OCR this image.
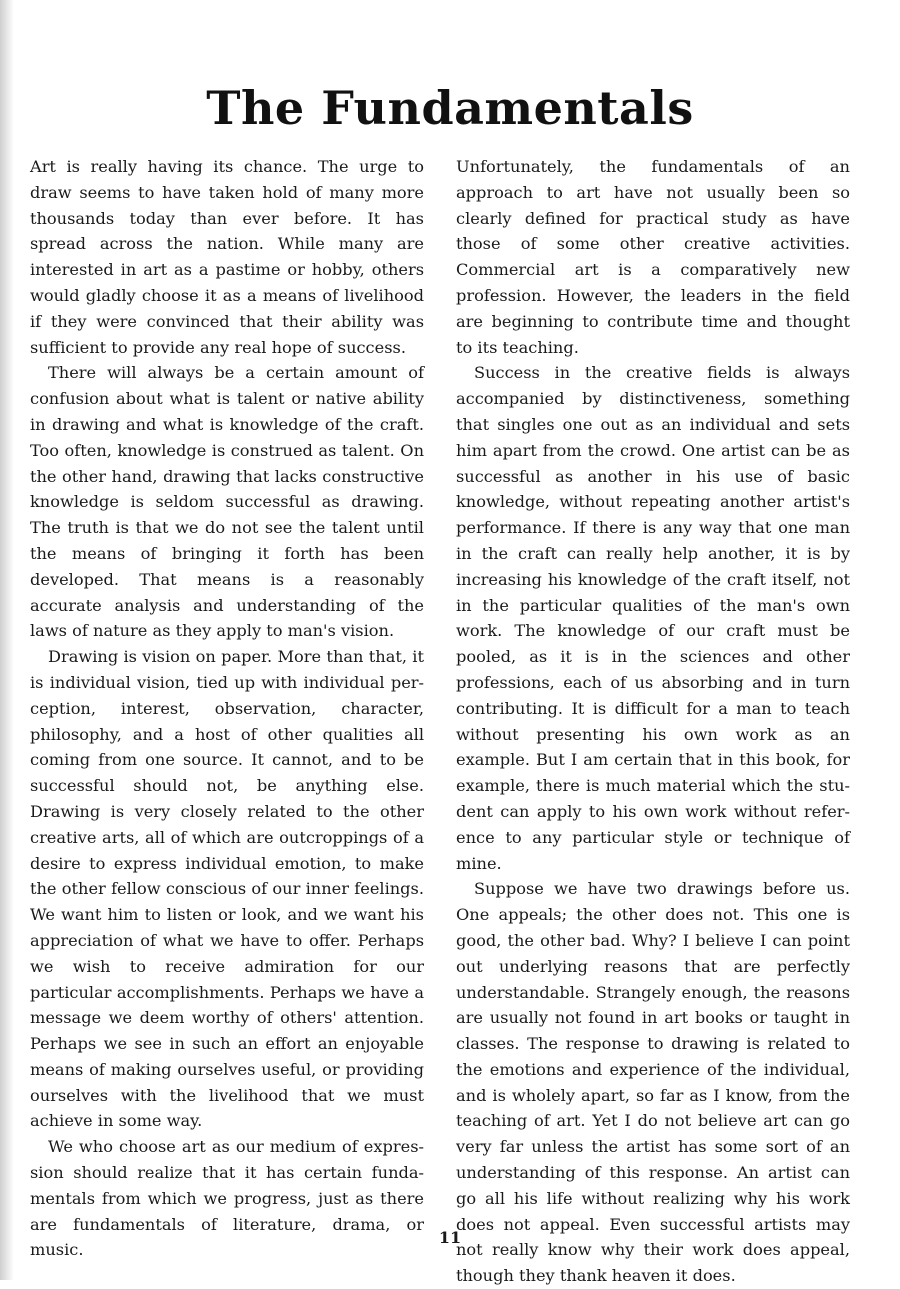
The Fundamentals

Art is really having its chance. The urge to draw seems to have taken hold of many more thousands today than ever before. It has spread across the nation. While many are interested in art as a pastime or hobby, others would gladly choose it as a means of livelihood if they were convinced that their ability was sufficient to provide any real hope of success.

There will always be a certain amount of confusion about what is talent or native ability in drawing and what is knowledge of the craft. Too often, knowledge is construed as talent. On the other hand, drawing that lacks constructive knowledge is seldom successful as drawing. The truth is that we do not see the talent until the means of bringing it forth has been developed. That means is a reasonably accurate analysis and understanding of the laws of nature as they apply to man's vision.

Drawing is vision on paper. More than that, it is individual vision, tied up with individual perception, interest, observation, character, philosophy, and a host of other qualities all coming from one source. It cannot, and to be successful should not, be anything else. Drawing is very closely related to the other creative arts, all of which are outcroppings of a desire to express individual emotion, to make the other fellow conscious of our inner feelings. We want him to listen or look, and we want his appreciation of what we have to offer. Perhaps we wish to receive admiration for our particular accomplishments. Perhaps we have a message we deem worthy of others' attention. Perhaps we see in such an effort an enjoyable means of making ourselves useful, or providing ourselves with the livelihood that we must achieve in some way.

We who choose art as our medium of expression should realize that it has certain fundamentals from which we progress, just as there are fundamentals of literature, drama, or music.

Unfortunately, the fundamentals of an approach to art have not usually been so clearly defined for practical study as have those of some other creative activities. Commercial art is a comparatively new profession. However, the leaders in the field are beginning to contribute time and thought to its teaching.

Success in the creative fields is always accompanied by distinctiveness, something that singles one out as an individual and sets him apart from the crowd. One artist can be as successful as another in his use of basic knowledge, without repeating another artist's performance. If there is any way that one man in the craft can really help another, it is by increasing his knowledge of the craft itself, not in the particular qualities of the man's own work. The knowledge of our craft must be pooled, as it is in the sciences and other professions, each of us absorbing and in turn contributing. It is difficult for a man to teach without presenting his own work as an example. But I am certain that in this book, for example, there is much material which the student can apply to his own work without reference to any particular style or technique of mine.

Suppose we have two drawings before us. One appeals; the other does not. This one is good, the other bad. Why? I believe I can point out underlying reasons that are perfectly understandable. Strangely enough, the reasons are usually not found in art books or taught in classes. The response to drawing is related to the emotions and experience of the individual, and is wholely apart, so far as I know, from the teaching of art. Yet I do not believe art can go very far unless the artist has some sort of an understanding of this response. An artist can go all his life without realizing why his work does not appeal. Even successful artists may not really know why their work does appeal, though they thank heaven it does.

11
